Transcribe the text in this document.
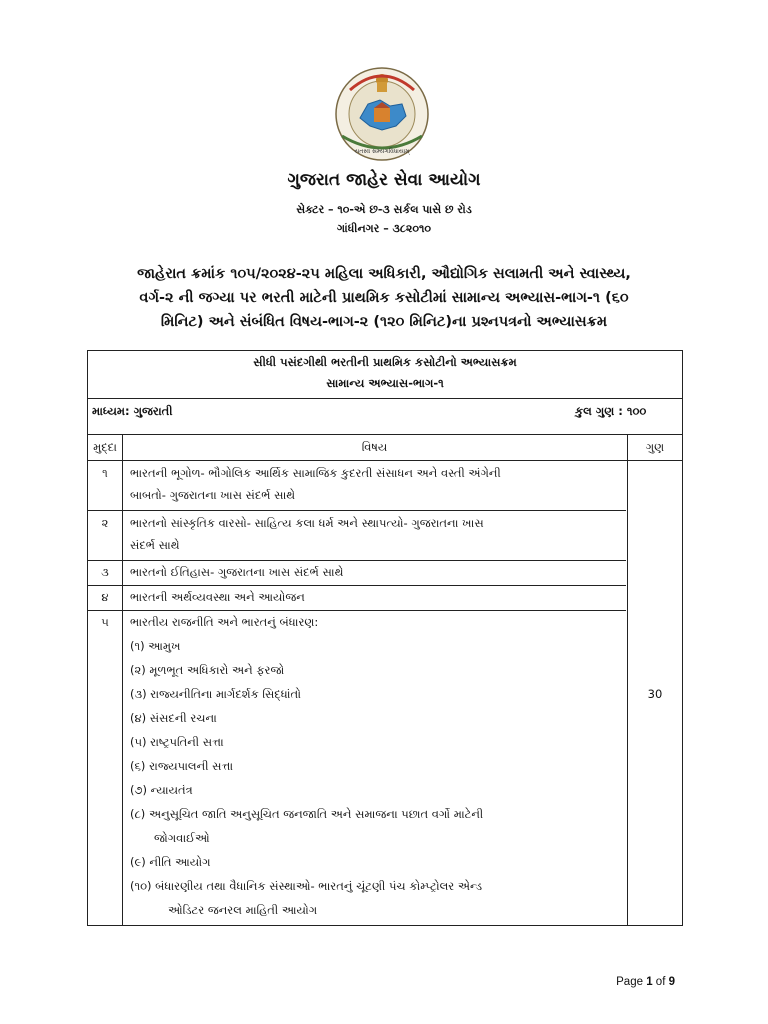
યતસ્વ સમ્યગવિધાયામ્
ગુજરાત જાહેર સેવા આયોગ
સેક્ટર – ૧૦-એ છ-૩ સર્કલ પાસે છ રોડ
ગાંધીનગર – ૩૮૨૦૧૦
જાહેરાત ક્રમાંક ૧૦૫/૨૦૨૪-૨૫ મહિલા અધિકારી, ઔદ્યોગિક સલામતી અને સ્વાસ્થ્ય,
વર્ગ-૨ ની જગ્યા પર ભરતી માટેની પ્રાથમિક કસોટીમાં સામાન્ય અભ્યાસ-ભાગ-૧ (૬૦
મિનિટ) અને સંબંધિત વિષય-ભાગ-૨ (૧૨૦ મિનિટ)ના પ્રશ્નપત્રનો અભ્યાસક્રમ
સીધી પસંદગીથી ભરતીની પ્રાથમિક કસોટીનો અભ્યાસક્રમ
સામાન્ય અભ્યાસ-ભાગ-૧
માધ્યમ: ગુજરાતી	કુલ ગુણ : ૧૦૦
મુદ્દા	વિષય	ગુણ
૧	ભારતની ભૂગોળ- ભૌગોલિક આર્થિક સામાજિક કુદરતી સંસાધન અને વસ્તી અંગેની
બાબતો- ગુજરાતના ખાસ સંદર્ભ સાથે
૨	ભારતનો સાંસ્કૃતિક વારસો- સાહિત્ય કલા ધર્મ અને સ્થાપત્યો- ગુજરાતના ખાસ
સંદર્ભ સાથે
૩	ભારતનો ઈતિહાસ- ગુજરાતના ખાસ સંદર્ભ સાથે
૪	ભારતની અર્થવ્યવસ્થા અને આયોજન
૫	ભારતીય રાજનીતિ અને ભારતનું બંધારણ:
(૧) આમુખ
(૨) મૂળભૂત અધિકારો અને ફરજો
(૩) રાજ્યનીતિના માર્ગદર્શક સિદ્ધાંતો
(૪) સંસદની રચના
(૫) રાષ્ટ્રપતિની સત્તા
(૬) રાજ્યપાલની સત્તા
(૭) ન્યાયતંત્ર
(૮) અનુસૂચિત જાતિ અનુસૂચિત જનજાતિ અને સમાજના પછાત વર્ગો માટેની
જોગવાઈઓ
(૯) નીતિ આયોગ
(૧૦) બંધારણીય તથા વૈધાનિક સંસ્થાઓ- ભારતનું ચૂંટણી પંચ કોમ્પ્ટ્રોલર એન્ડ
ઓડિટર જનરલ માહિતી આયોગ
30
Page 1 of 9
